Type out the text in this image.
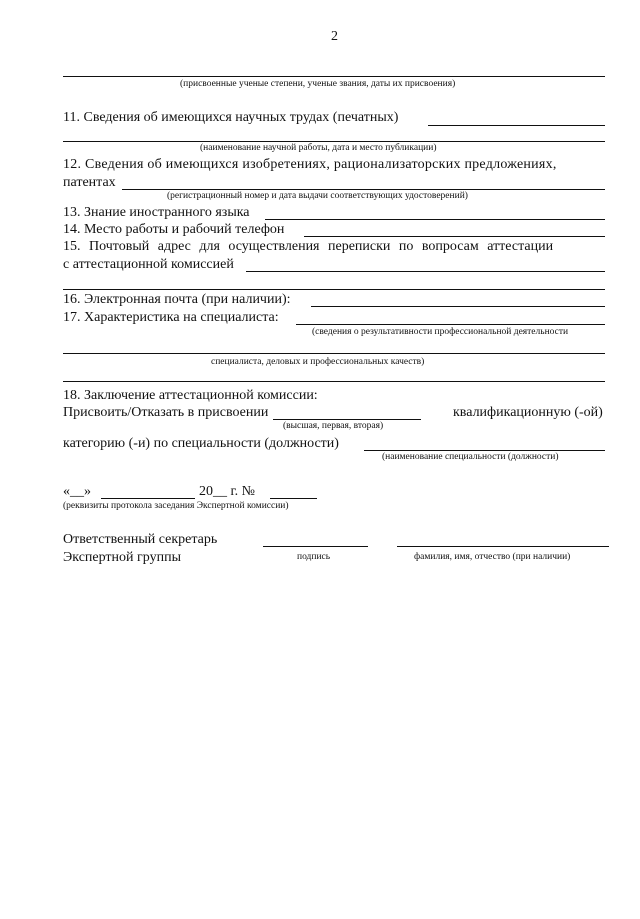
2
(присвоенные ученые степени, ученые звания, даты их присвоения)
11. Сведения об имеющихся научных трудах (печатных)
(наименование научной работы, дата и место публикации)
12. Сведения об имеющихся изобретениях, рационализаторских предложениях,
патентах
(регистрационный номер и дата выдачи соответствующих удостоверений)
13. Знание иностранного языка
14. Место работы и рабочий телефон
15. Почтовый адрес для осуществления переписки по вопросам аттестации
с аттестационной комиссией
16. Электронная почта (при наличии):
17. Характеристика на специалиста:
(сведения о результативности профессиональной деятельности
специалиста, деловых и профессиональных качеств)
18. Заключение аттестационной комиссии:
Присвоить/Отказать в присвоении	квалификационную (-ой)
(высшая, первая, вторая)
категорию (-и) по специальности (должности)
(наименование специальности (должности)
«__»	20__ г. №
(реквизиты протокола заседания Экспертной комиссии)
Ответственный секретарь
Экспертной группы	подпись	фамилия, имя, отчество (при наличии)
